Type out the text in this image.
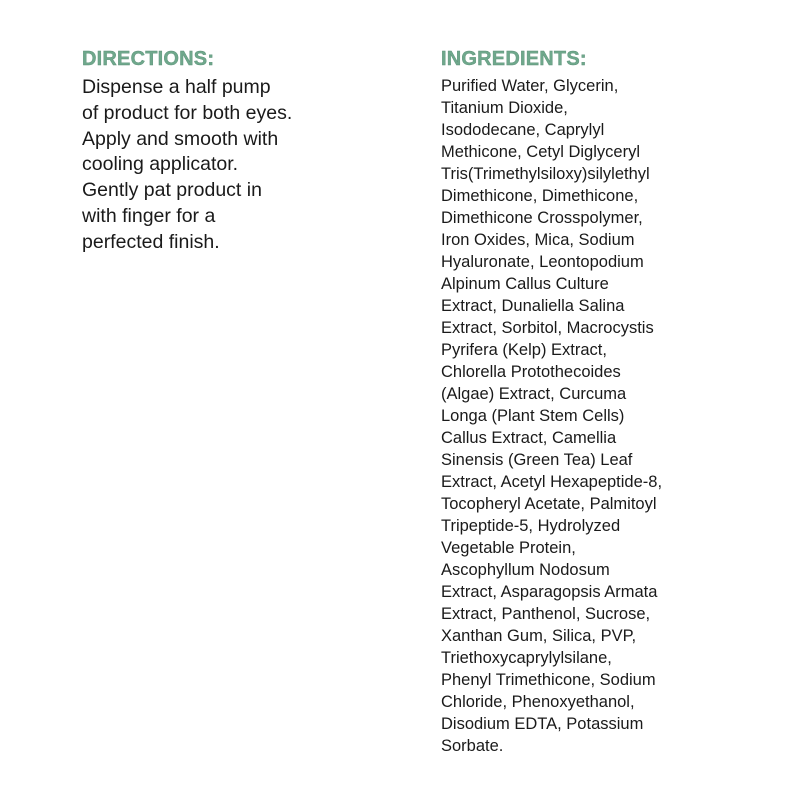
DIRECTIONS:

Dispense a half pump
of product for both eyes.
Apply and smooth with
cooling applicator.
Gently pat product in
with finger for a
perfected finish.

INGREDIENTS:

Purified Water, Glycerin,
Titanium Dioxide,
Isododecane, Caprylyl
Methicone, Cetyl Diglyceryl
Tris(Trimethylsiloxy)silylethyl
Dimethicone, Dimethicone,
Dimethicone Crosspolymer,
Iron Oxides, Mica, Sodium
Hyaluronate, Leontopodium
Alpinum Callus Culture
Extract, Dunaliella Salina
Extract, Sorbitol, Macrocystis
Pyrifera (Kelp) Extract,
Chlorella Protothecoides
(Algae) Extract, Curcuma
Longa (Plant Stem Cells)
Callus Extract, Camellia
Sinensis (Green Tea) Leaf
Extract, Acetyl Hexapeptide-8,
Tocopheryl Acetate, Palmitoyl
Tripeptide-5, Hydrolyzed
Vegetable Protein,
Ascophyllum Nodosum
Extract, Asparagopsis Armata
Extract, Panthenol, Sucrose,
Xanthan Gum, Silica, PVP,
Triethoxycaprylylsilane,
Phenyl Trimethicone, Sodium
Chloride, Phenoxyethanol,
Disodium EDTA, Potassium
Sorbate.
